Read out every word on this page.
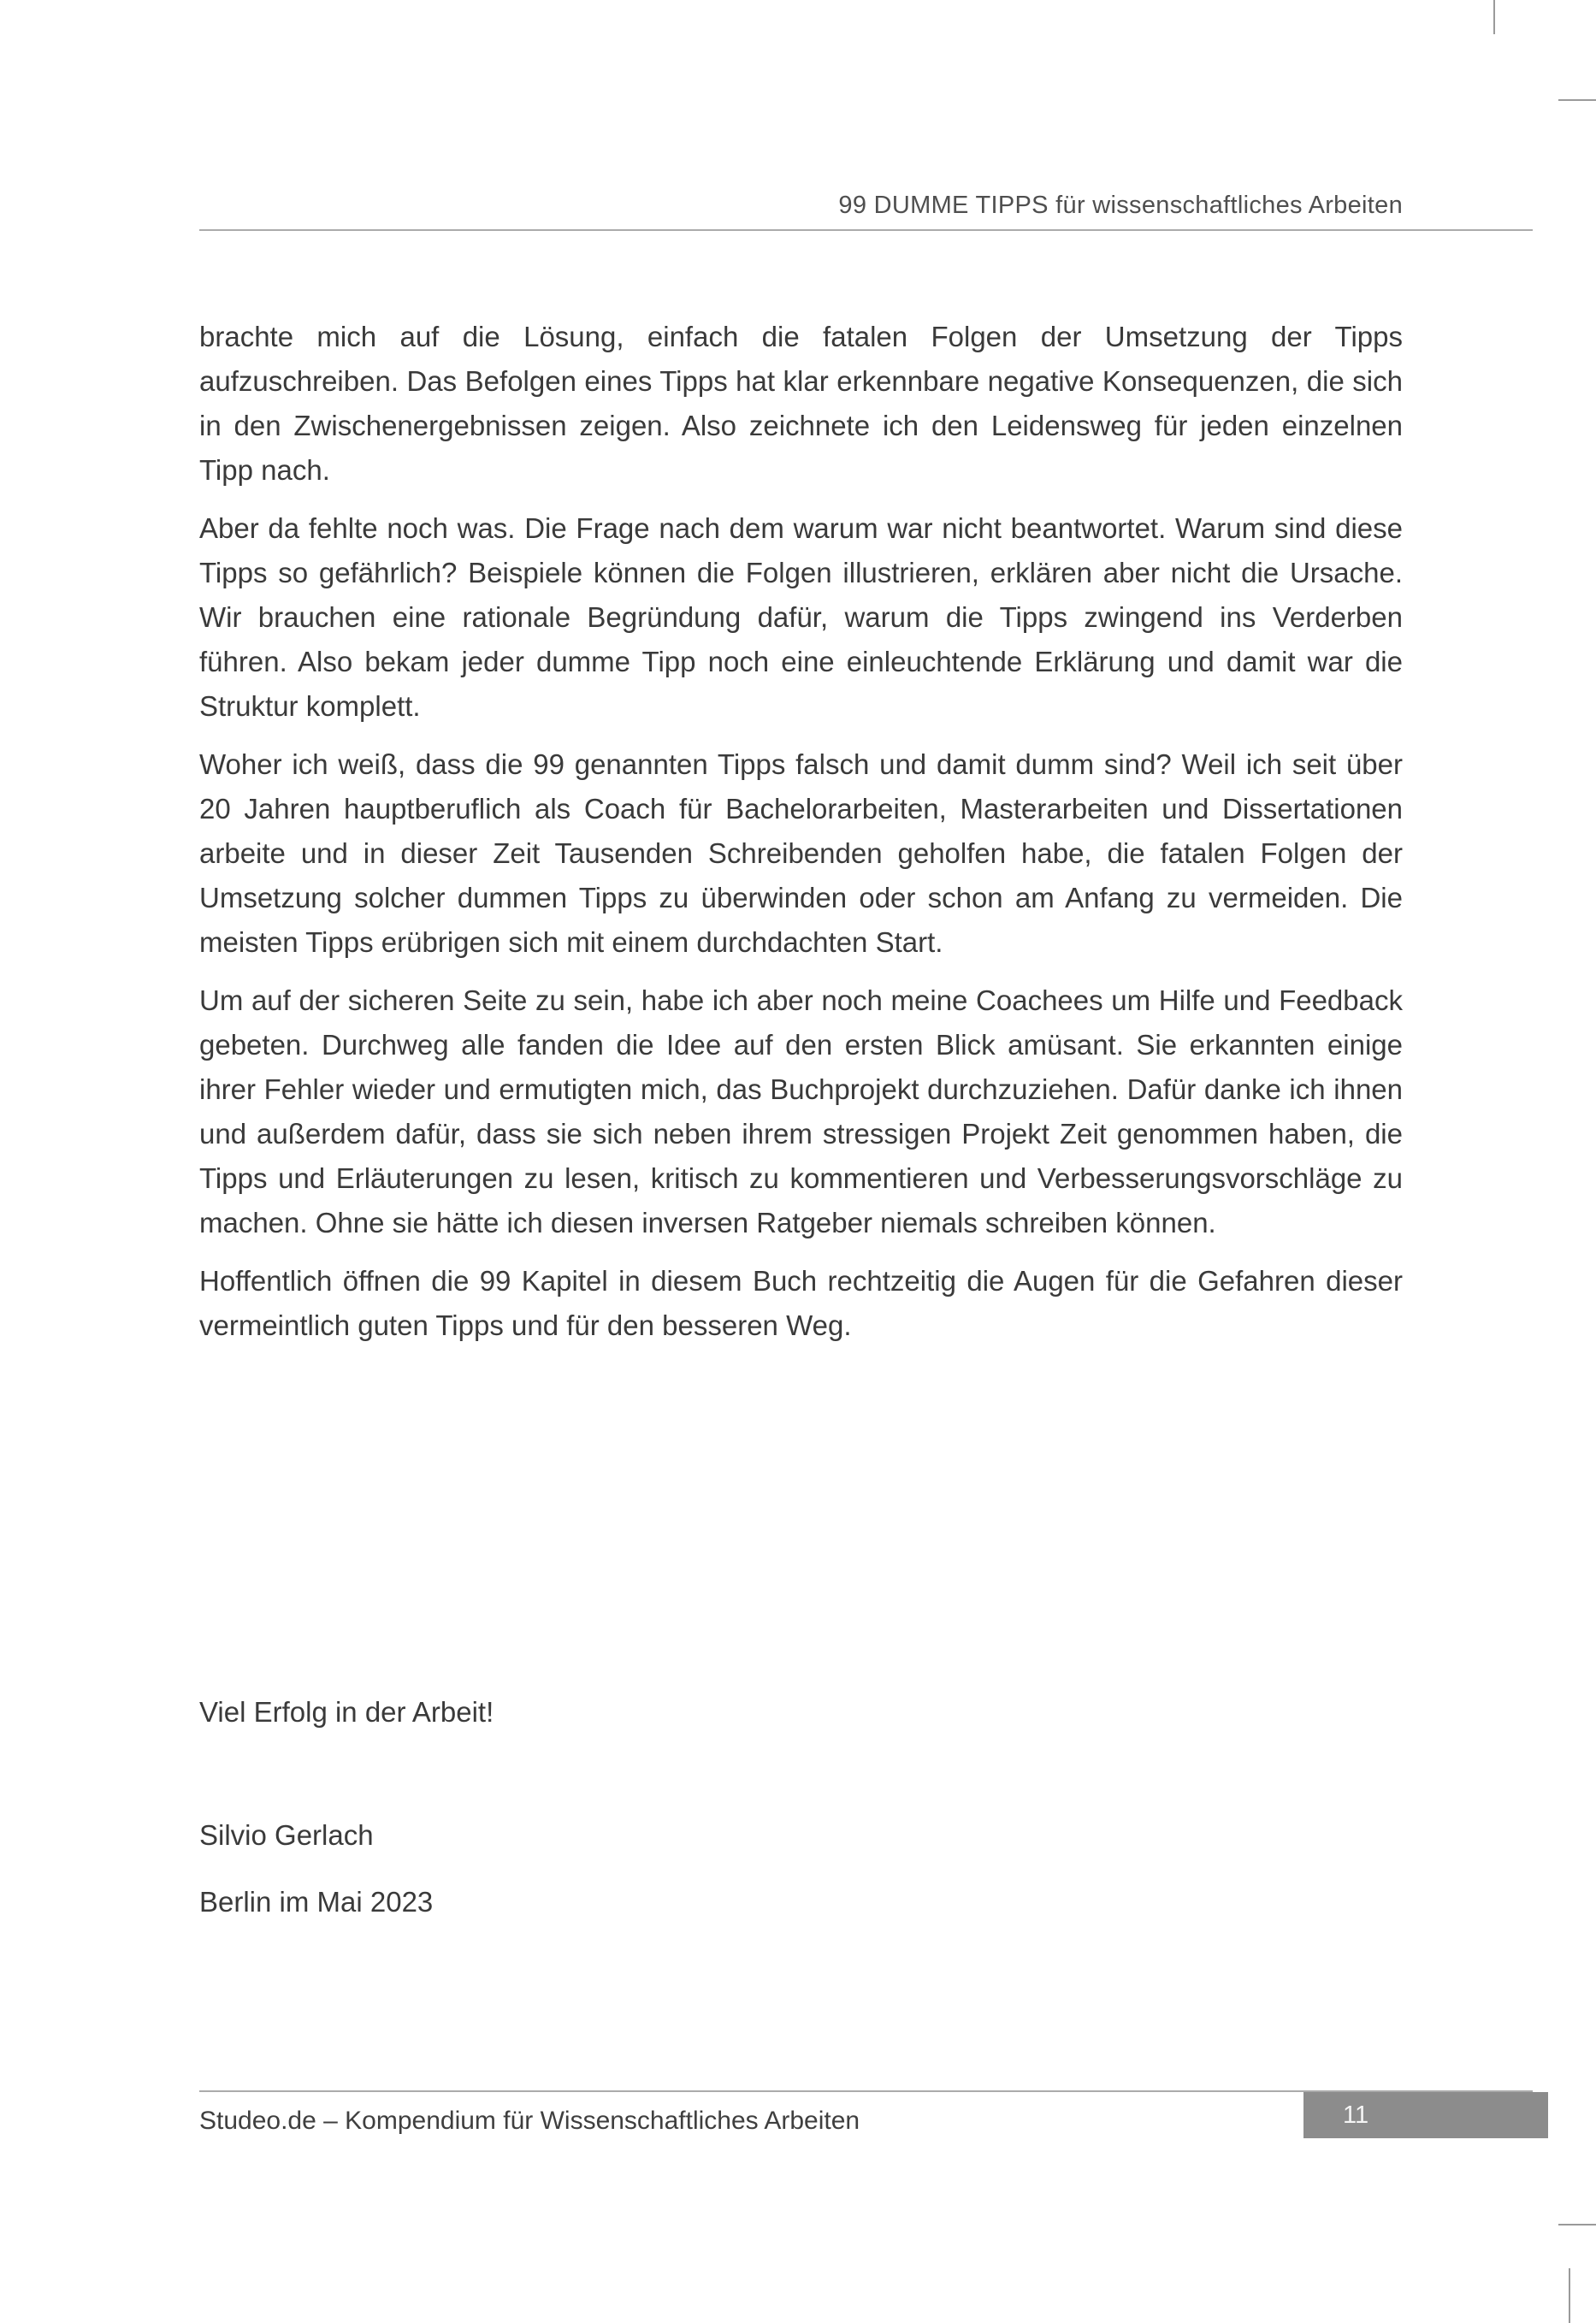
99 DUMME TIPPS für wissenschaftliches Arbeiten

brachte mich auf die Lösung, einfach die fatalen Folgen der Umsetzung der Tipps aufzuschreiben. Das Befolgen eines Tipps hat klar erkennbare negative Konsequenzen, die sich in den Zwischenergebnissen zeigen. Also zeichnete ich den Leidensweg für jeden einzelnen Tipp nach.

Aber da fehlte noch was. Die Frage nach dem warum war nicht beantwortet. Warum sind diese Tipps so gefährlich? Beispiele können die Folgen illustrieren, erklären aber nicht die Ursache. Wir brauchen eine rationale Begründung dafür, warum die Tipps zwingend ins Verderben führen. Also bekam jeder dumme Tipp noch eine einleuchtende Erklärung und damit war die Struktur komplett.

Woher ich weiß, dass die 99 genannten Tipps falsch und damit dumm sind? Weil ich seit über 20 Jahren hauptberuflich als Coach für Bachelorarbeiten, Masterarbeiten und Dissertationen arbeite und in dieser Zeit Tausenden Schreibenden geholfen habe, die fatalen Folgen der Umsetzung solcher dummen Tipps zu überwinden oder schon am Anfang zu vermeiden. Die meisten Tipps erübrigen sich mit einem durchdachten Start.

Um auf der sicheren Seite zu sein, habe ich aber noch meine Coachees um Hilfe und Feedback gebeten. Durchweg alle fanden die Idee auf den ersten Blick amüsant. Sie erkannten einige ihrer Fehler wieder und ermutigten mich, das Buchprojekt durchzuziehen. Dafür danke ich ihnen und außerdem dafür, dass sie sich neben ihrem stressigen Projekt Zeit genommen haben, die Tipps und Erläuterungen zu lesen, kritisch zu kommentieren und Verbesserungsvorschläge zu machen. Ohne sie hätte ich diesen inversen Ratgeber niemals schreiben können.

Hoffentlich öffnen die 99 Kapitel in diesem Buch rechtzeitig die Augen für die Gefahren dieser vermeintlich guten Tipps und für den besseren Weg.

Viel Erfolg in der Arbeit!
Silvio Gerlach
Berlin im Mai 2023
Studeo.de – Kompendium für Wissenschaftliches Arbeiten	11
